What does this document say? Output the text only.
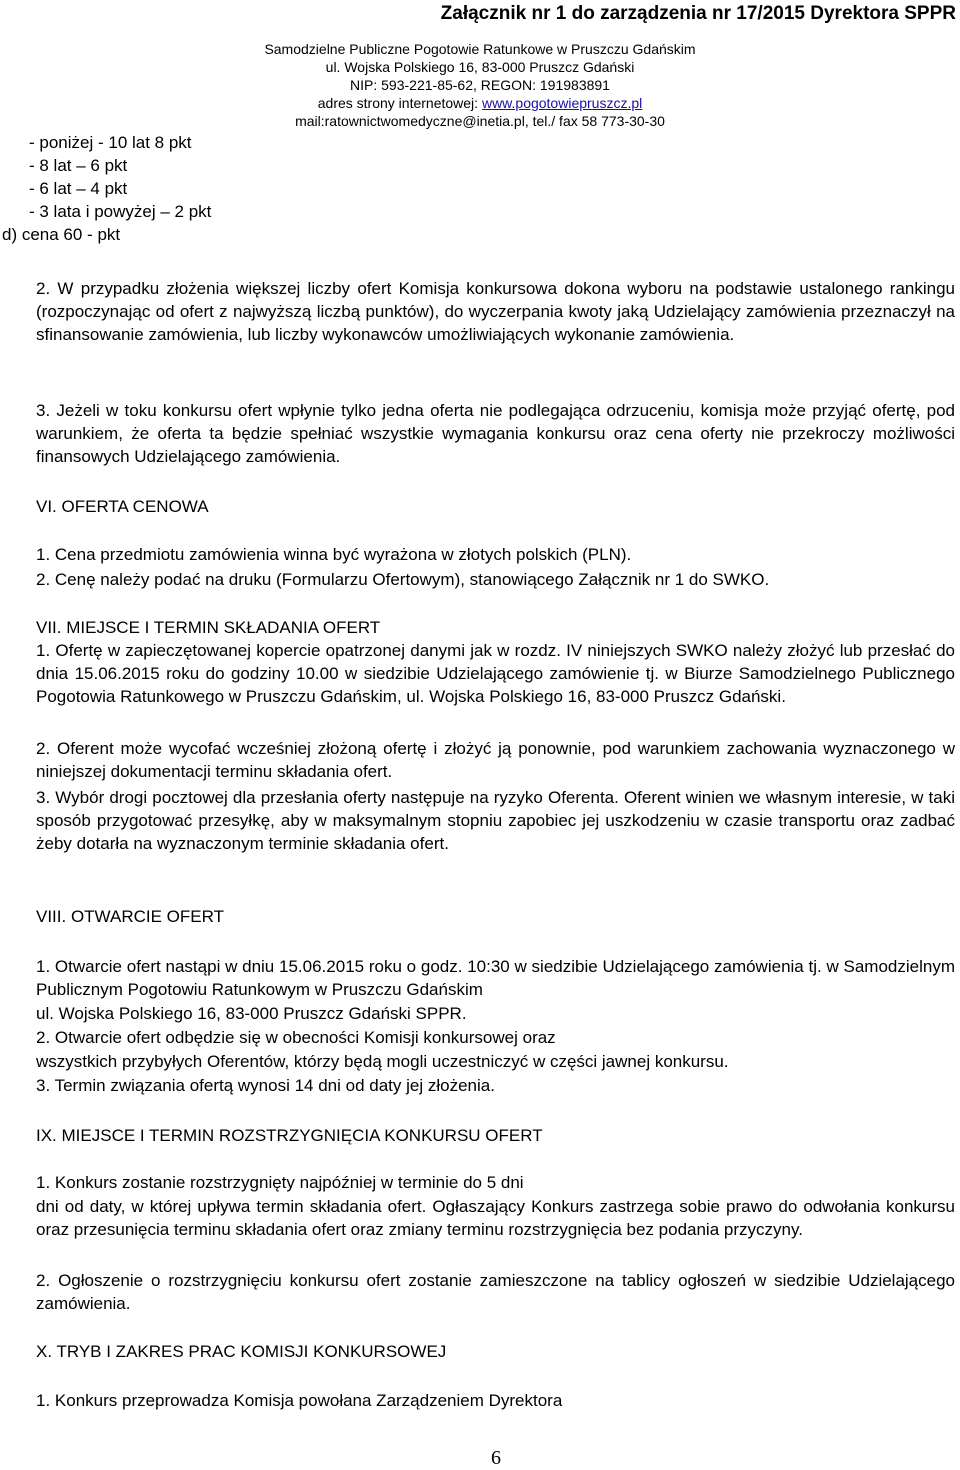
Załącznik nr 1 do zarządzenia nr 17/2015 Dyrektora SPPR
Samodzielne Publiczne Pogotowie Ratunkowe w Pruszczu Gdańskim
ul. Wojska Polskiego 16, 83-000 Pruszcz Gdański
NIP: 593-221-85-62, REGON: 191983891
adres strony internetowej: www.pogotowiepruszcz.pl
mail:ratownictwomedyczne@inetia.pl, tel./ fax 58 773-30-30
- poniżej - 10 lat 8 pkt
- 8 lat – 6 pkt
- 6 lat – 4 pkt
- 3 lata i powyżej – 2 pkt
d) cena 60 - pkt
2. W przypadku złożenia większej liczby ofert Komisja konkursowa dokona wyboru na podstawie ustalonego rankingu (rozpoczynając od ofert z najwyższą liczbą punktów), do wyczerpania kwoty jaką Udzielający zamówienia przeznaczył na sfinansowanie zamówienia, lub liczby wykonawców umożliwiających wykonanie zamówienia.
3. Jeżeli w toku konkursu ofert wpłynie tylko jedna oferta nie podlegająca odrzuceniu, komisja może przyjąć ofertę, pod warunkiem, że oferta ta będzie spełniać wszystkie wymagania konkursu oraz cena oferty nie przekroczy możliwości finansowych Udzielającego zamówienia.
VI. OFERTA CENOWA
1. Cena przedmiotu zamówienia winna być wyrażona w złotych polskich (PLN).
2. Cenę należy podać na druku (Formularzu Ofertowym), stanowiącego Załącznik nr 1 do SWKO.
VII. MIEJSCE I TERMIN SKŁADANIA OFERT
1. Ofertę w zapieczętowanej kopercie opatrzonej danymi jak w rozdz. IV niniejszych SWKO należy złożyć lub przesłać do dnia 15.06.2015 roku do godziny 10.00 w siedzibie Udzielającego zamówienie tj. w Biurze Samodzielnego Publicznego Pogotowia Ratunkowego w Pruszczu Gdańskim, ul. Wojska Polskiego 16, 83-000 Pruszcz Gdański.
2. Oferent może wycofać wcześniej złożoną ofertę i złożyć ją ponownie, pod warunkiem zachowania wyznaczonego w niniejszej dokumentacji terminu składania ofert.
3. Wybór drogi pocztowej dla przesłania oferty następuje na ryzyko Oferenta. Oferent winien we własnym interesie, w taki sposób przygotować przesyłkę, aby w maksymalnym stopniu zapobiec jej uszkodzeniu w czasie transportu oraz zadbać żeby dotarła na wyznaczonym terminie składania ofert.
VIII. OTWARCIE OFERT
1. Otwarcie ofert nastąpi w dniu 15.06.2015 roku o godz. 10:30 w siedzibie Udzielającego zamówienia tj. w Samodzielnym Publicznym Pogotowiu Ratunkowym w Pruszczu Gdańskim
ul. Wojska Polskiego 16, 83-000 Pruszcz Gdański SPPR.
2. Otwarcie ofert odbędzie się w obecności Komisji konkursowej oraz
wszystkich przybyłych Oferentów, którzy będą mogli uczestniczyć w części jawnej konkursu.
3. Termin związania ofertą wynosi 14 dni od daty jej złożenia.
IX. MIEJSCE I TERMIN ROZSTRZYGNIĘCIA KONKURSU OFERT
1. Konkurs zostanie rozstrzygnięty najpóźniej w terminie do 5 dni
dni od daty, w której upływa termin składania ofert. Ogłaszający Konkurs zastrzega sobie prawo do odwołania konkursu oraz przesunięcia terminu składania ofert oraz zmiany terminu rozstrzygnięcia bez podania przyczyny.
2. Ogłoszenie o rozstrzygnięciu konkursu ofert zostanie zamieszczone na tablicy ogłoszeń w siedzibie Udzielającego zamówienia.
X. TRYB I ZAKRES PRAC KOMISJI KONKURSOWEJ
1. Konkurs przeprowadza Komisja powołana Zarządzeniem Dyrektora
6
